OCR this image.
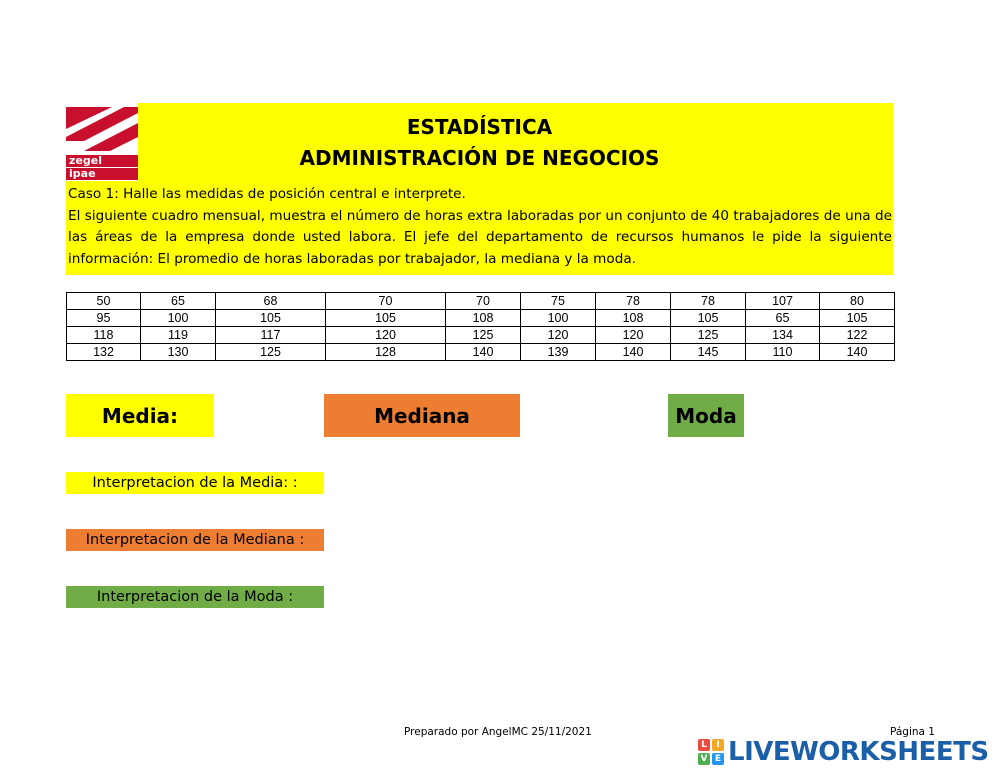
zegel
ipae
ESTADÍSTICA
ADMINISTRACIÓN DE NEGOCIOS

Caso 1: Halle las medidas de posición central e interprete.

El siguiente cuadro mensual, muestra el número de horas extra laboradas por un conjunto de 40 trabajadores de una de las áreas de la empresa donde usted labora. El jefe del departamento de recursos humanos le pide la siguiente información: El promedio de horas laboradas por trabajador, la mediana y la moda.

50	65	68	70	70	75	78	78	107	80
95	100	105	105	108	100	108	105	65	105
118	119	117	120	125	120	120	125	134	122
132	130	125	128	140	139	140	145	110	140
Media:	Mediana	Moda
Interpretacion de la Media: :
Interpretacion de la Mediana :
Interpretacion de la Moda :
Preparado por AngelMC 25/11/2021	Página 1
L	I
V E LIVEWORKSHEETS
